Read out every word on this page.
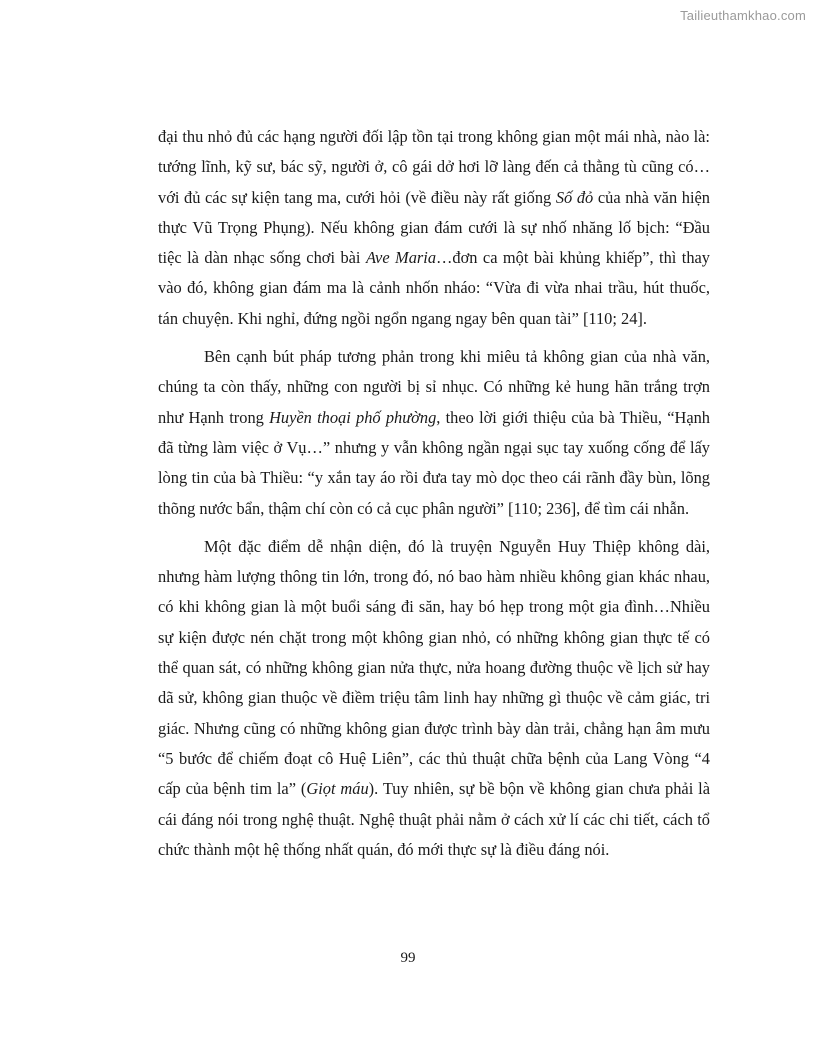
Tailieuthamkhao.com

đại thu nhỏ đủ các hạng người đối lập tồn tại trong không gian một mái nhà, nào là: tướng lĩnh, kỹ sư, bác sỹ, người ở, cô gái dở hơi lỡ làng đến cả thằng tù cũng có…với đủ các sự kiện tang ma, cưới hỏi (về điều này rất giống Số đỏ của nhà văn hiện thực Vũ Trọng Phụng). Nếu không gian đám cưới là sự nhố nhăng lố bịch: “Đầu tiệc là dàn nhạc sống chơi bài Ave Maria…đơn ca một bài khủng khiếp”, thì thay vào đó, không gian đám ma là cảnh nhốn nháo: “Vừa đi vừa nhai trầu, hút thuốc, tán chuyện. Khi nghỉ, đứng ngồi ngổn ngang ngay bên quan tài” [110; 24].

Bên cạnh bút pháp tương phản trong khi miêu tả không gian của nhà văn, chúng ta còn thấy, những con người bị sỉ nhục. Có những kẻ hung hãn trắng trợn như Hạnh trong Huyền thoại phố phường, theo lời giới thiệu của bà Thiều, “Hạnh đã từng làm việc ở Vụ…” nhưng y vẫn không ngần ngại sục tay xuống cống để lấy lòng tin của bà Thiều: “y xắn tay áo rồi đưa tay mò dọc theo cái rãnh đầy bùn, lõng thõng nước bẩn, thậm chí còn có cả cục phân người” [110; 236], để tìm cái nhẫn.

Một đặc điểm dễ nhận diện, đó là truyện Nguyễn Huy Thiệp không dài, nhưng hàm lượng thông tin lớn, trong đó, nó bao hàm nhiều không gian khác nhau, có khi không gian là một buổi sáng đi săn, hay bó hẹp trong một gia đình…Nhiều sự kiện được nén chặt trong một không gian nhỏ, có những không gian thực tế có thể quan sát, có những không gian nửa thực, nửa hoang đường thuộc về lịch sử hay dã sử, không gian thuộc về điềm triệu tâm linh hay những gì thuộc về cảm giác, tri giác. Nhưng cũng có những không gian được trình bày dàn trải, chẳng hạn âm mưu “5 bước để chiếm đoạt cô Huệ Liên”, các thủ thuật chữa bệnh của Lang Vòng “4 cấp của bệnh tim la” (Giọt máu). Tuy nhiên, sự bề bộn về không gian chưa phải là cái đáng nói trong nghệ thuật. Nghệ thuật phải nằm ở cách xử lí các chi tiết, cách tổ chức thành một hệ thống nhất quán, đó mới thực sự là điều đáng nói.

99
